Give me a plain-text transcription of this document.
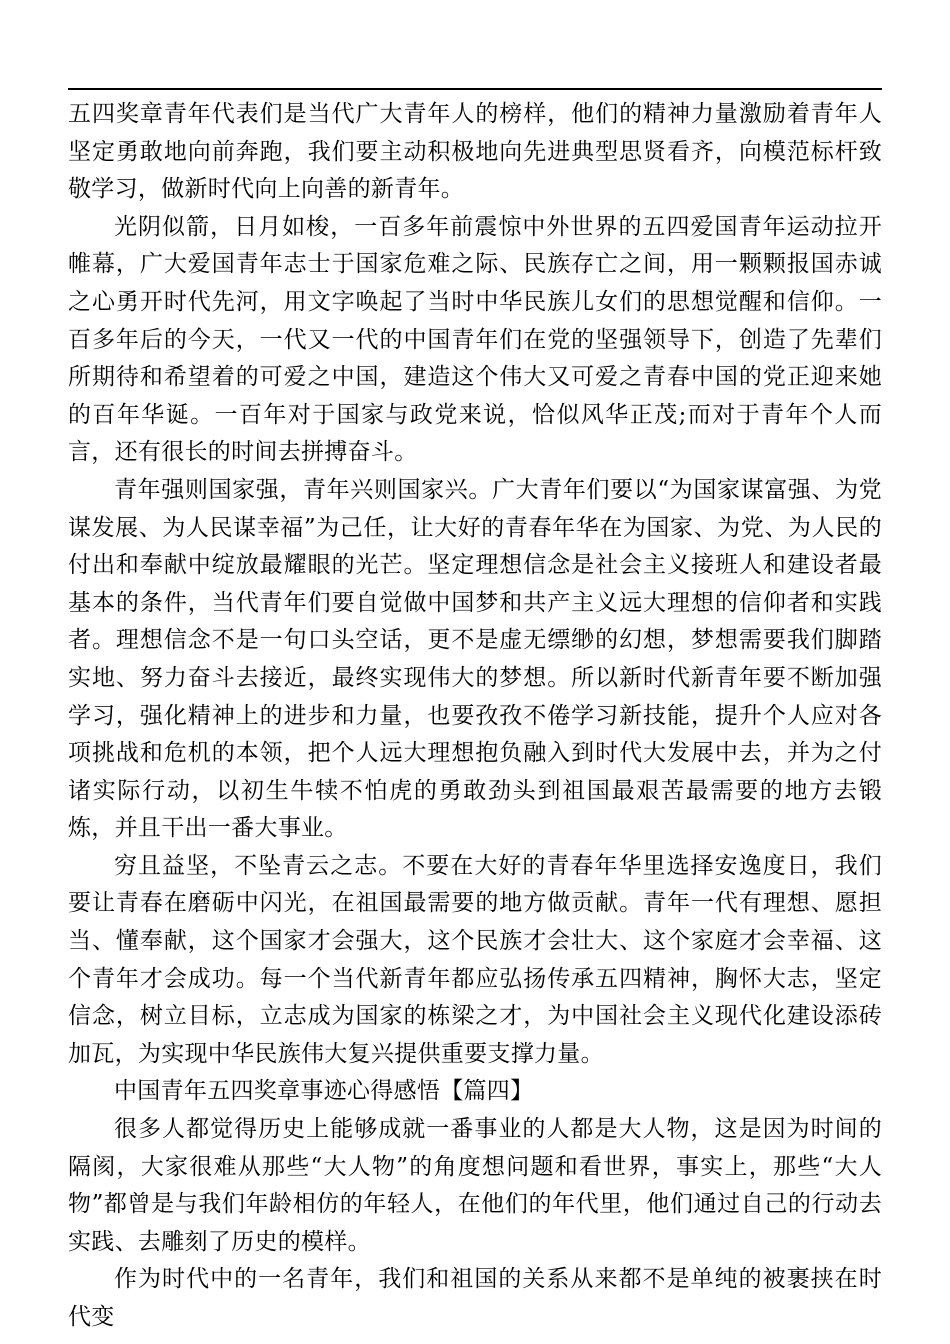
五四奖章青年代表们是当代广大青年人的榜样，他们的精神力量激励着青年人坚定勇敢地向前奔跑，我们要主动积极地向先进典型思贤看齐，向模范标杆致敬学习，做新时代向上向善的新青年。

光阴似箭，日月如梭，一百多年前震惊中外世界的五四爱国青年运动拉开帷幕，广大爱国青年志士于国家危难之际、民族存亡之间，用一颗颗报国赤诚之心勇开时代先河，用文字唤起了当时中华民族儿女们的思想觉醒和信仰。一百多年后的今天，一代又一代的中国青年们在党的坚强领导下，创造了先辈们所期待和希望着的可爱之中国，建造这个伟大又可爱之青春中国的党正迎来她的百年华诞。一百年对于国家与政党来说，恰似风华正茂;而对于青年个人而言，还有很长的时间去拼搏奋斗。

青年强则国家强，青年兴则国家兴。广大青年们要以“为国家谋富强、为党谋发展、为人民谋幸福”为己任，让大好的青春年华在为国家、为党、为人民的付出和奉献中绽放最耀眼的光芒。坚定理想信念是社会主义接班人和建设者最基本的条件，当代青年们要自觉做中国梦和共产主义远大理想的信仰者和实践者。理想信念不是一句口头空话，更不是虚无缥缈的幻想，梦想需要我们脚踏实地、努力奋斗去接近，最终实现伟大的梦想。所以新时代新青年要不断加强学习，强化精神上的进步和力量，也要孜孜不倦学习新技能，提升个人应对各项挑战和危机的本领，把个人远大理想抱负融入到时代大发展中去，并为之付诸实际行动，以初生牛犊不怕虎的勇敢劲头到祖国最艰苦最需要的地方去锻炼，并且干出一番大事业。

穷且益坚，不坠青云之志。不要在大好的青春年华里选择安逸度日，我们要让青春在磨砺中闪光，在祖国最需要的地方做贡献。青年一代有理想、愿担当、懂奉献，这个国家才会强大，这个民族才会壮大、这个家庭才会幸福、这个青年才会成功。每一个当代新青年都应弘扬传承五四精神，胸怀大志，坚定信念，树立目标，立志成为国家的栋梁之才，为中国社会主义现代化建设添砖加瓦，为实现中华民族伟大复兴提供重要支撑力量。

中国青年五四奖章事迹心得感悟【篇四】

很多人都觉得历史上能够成就一番事业的人都是大人物，这是因为时间的隔阂，大家很难从那些“大人物”的角度想问题和看世界，事实上，那些“大人物”都曾是与我们年龄相仿的年轻人，在他们的年代里，他们通过自己的行动去实践、去雕刻了历史的模样。

作为时代中的一名青年，我们和祖国的关系从来都不是单纯的被裹挟在时代变
